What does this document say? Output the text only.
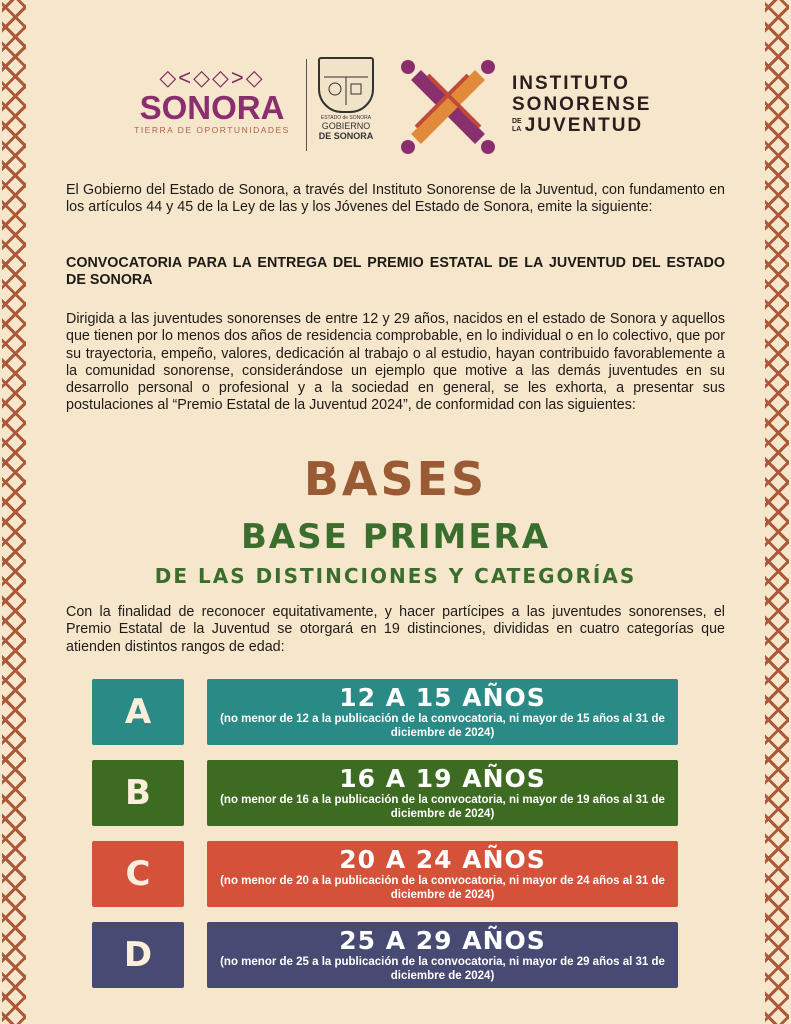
◇<◇◇>◇
SONORA
TIERRA DE OPORTUNIDADES
ESTADO de SONORA
GOBIERNO
DE SONORA
INSTITUTO
SONORENSE
DE
LA JUVENTUD
El Gobierno del Estado de Sonora, a través del Instituto Sonorense de la Juventud, con fundamento en los artículos 44 y 45 de la Ley de las y los Jóvenes del Estado de Sonora, emite la siguiente:
CONVOCATORIA PARA LA ENTREGA DEL PREMIO ESTATAL DE LA JUVENTUD DEL ESTADO DE SONORA
Dirigida a las juventudes sonorenses de entre 12 y 29 años, nacidos en el estado de Sonora y aquellos que tienen por lo menos dos años de residencia comprobable, en lo individual o en lo colectivo, que por su trayectoria, empeño, valores, dedicación al trabajo o al estudio, hayan contribuido favorablemente a la comunidad sonorense, considerándose un ejemplo que motive a las demás juventudes en su desarrollo personal o profesional y a la sociedad en general, se les exhorta, a presentar sus postulaciones al “Premio Estatal de la Juventud 2024”, de conformidad con las siguientes:
BASES
BASE PRIMERA
DE LAS DISTINCIONES Y CATEGORÍAS
Con la finalidad de reconocer equitativamente, y hacer partícipes a las juventudes sonorenses, el Premio Estatal de la Juventud se otorgará en 19 distinciones, divididas en cuatro categorías que atienden distintos rangos de edad:
A	12 A 15 AÑOS
(no menor de 12 a la publicación de la convocatoria, ni mayor de 15 años al 31 de diciembre de 2024)
B	16 A 19 AÑOS
(no menor de 16 a la publicación de la convocatoria, ni mayor de 19 años al 31 de diciembre de 2024)
C	20 A 24 AÑOS
(no menor de 20 a la publicación de la convocatoria, ni mayor de 24 años al 31 de diciembre de 2024)
D	25 A 29 AÑOS
(no menor de 25 a la publicación de la convocatoria, ni mayor de 29 años al 31 de diciembre de 2024)
